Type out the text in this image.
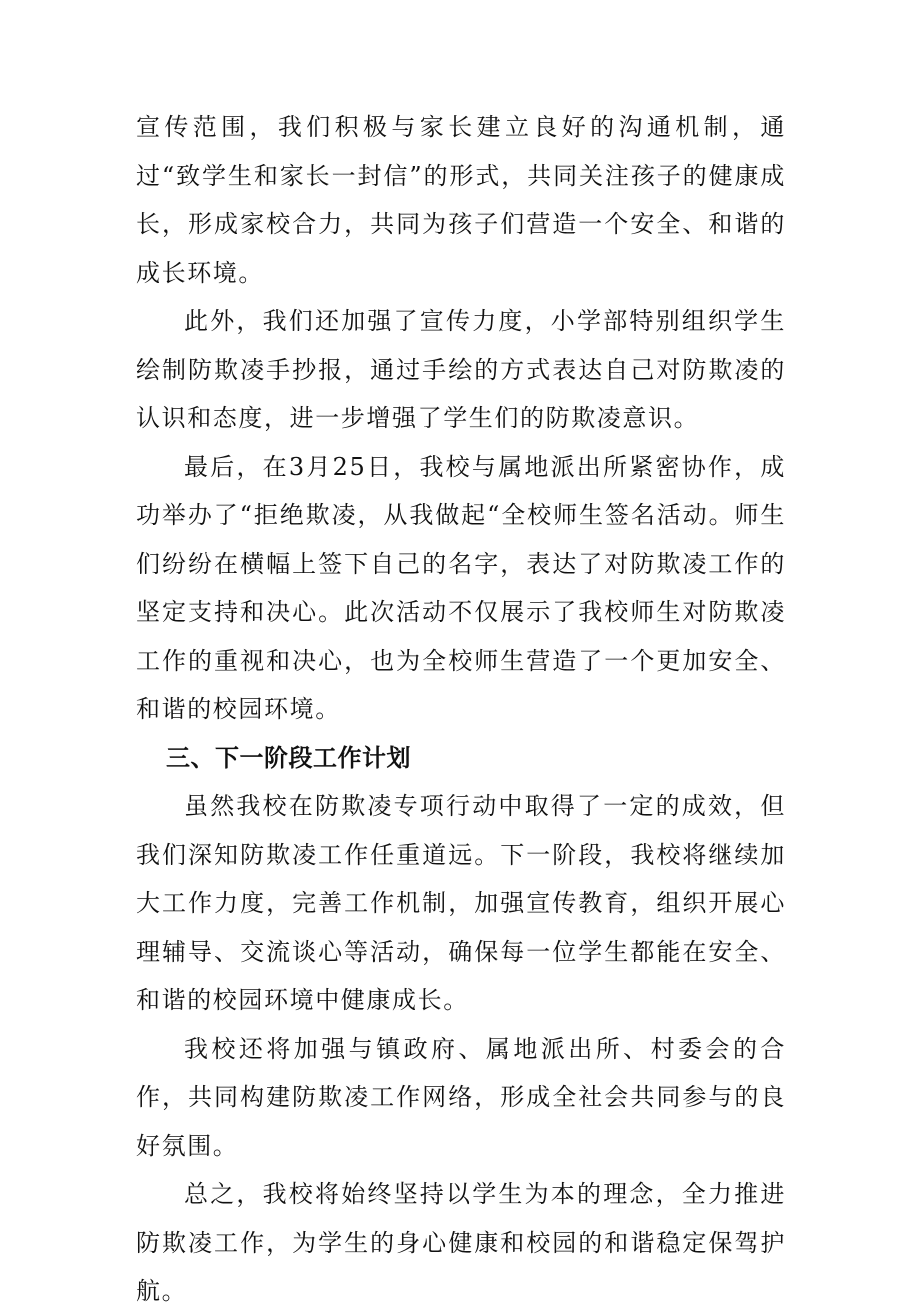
宣传范围，我们积极与家长建立良好的沟通机制，通过“致学生和家长一封信”的形式，共同关注孩子的健康成长，形成家校合力，共同为孩子们营造一个安全、和谐的成长环境。

此外，我们还加强了宣传力度，小学部特别组织学生绘制防欺凌手抄报，通过手绘的方式表达自己对防欺凌的认识和态度，进一步增强了学生们的防欺凌意识。

最后，在3月25日，我校与属地派出所紧密协作，成功举办了“拒绝欺凌，从我做起“全校师生签名活动。师生们纷纷在横幅上签下自己的名字，表达了对防欺凌工作的坚定支持和决心。此次活动不仅展示了我校师生对防欺凌工作的重视和决心，也为全校师生营造了一个更加安全、和谐的校园环境。

三、下一阶段工作计划

虽然我校在防欺凌专项行动中取得了一定的成效，但我们深知防欺凌工作任重道远。下一阶段，我校将继续加大工作力度，完善工作机制，加强宣传教育，组织开展心理辅导、交流谈心等活动，确保每一位学生都能在安全、和谐的校园环境中健康成长。

我校还将加强与镇政府、属地派出所、村委会的合作，共同构建防欺凌工作网络，形成全社会共同参与的良好氛围。

总之，我校将始终坚持以学生为本的理念，全力推进防欺凌工作，为学生的身心健康和校园的和谐稳定保驾护航。
